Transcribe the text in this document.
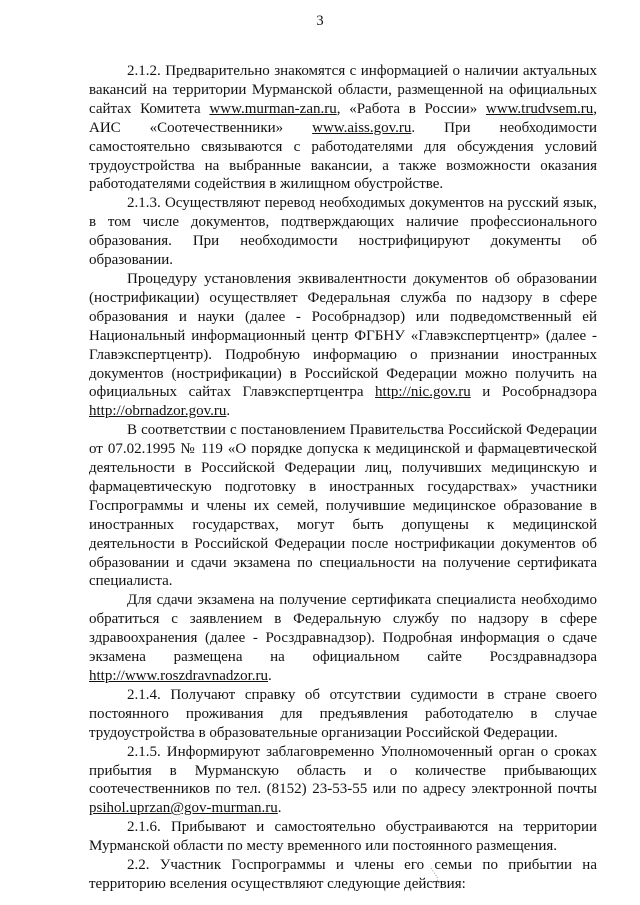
3

2.1.2. Предварительно знакомятся с информацией о наличии актуальных вакансий на территории Мурманской области, размещенной на официальных сайтах Комитета www.murman-zan.ru, «Работа в России» www.trudvsem.ru, АИС «Соотечественники» www.aiss.gov.ru. При необходимости самостоятельно связываются с работодателями для обсуждения условий трудоустройства на выбранные вакансии, а также возможности оказания работодателями содействия в жилищном обустройстве.

2.1.3. Осуществляют перевод необходимых документов на русский язык, в том числе документов, подтверждающих наличие профессионального образования. При необходимости нострифицируют документы об образовании.

Процедуру установления эквивалентности документов об образовании (нострификации) осуществляет Федеральная служба по надзору в сфере образования и науки (далее - Рособрнадзор) или подведомственный ей Национальный информационный центр ФГБНУ «Главэкспертцентр» (далее - Главэкспертцентр). Подробную информацию о признании иностранных документов (нострификации) в Российской Федерации можно получить на официальных сайтах Главэкспертцентра http://nic.gov.ru и Рособрнадзора http://obrnadzor.gov.ru.

В соответствии с постановлением Правительства Российской Федерации от 07.02.1995 № 119 «О порядке допуска к медицинской и фармацевтической деятельности в Российской Федерации лиц, получивших медицинскую и фармацевтическую подготовку в иностранных государствах» участники Госпрограммы и члены их семей, получившие медицинское образование в иностранных государствах, могут быть допущены к медицинской деятельности в Российской Федерации после нострификации документов об образовании и сдачи экзамена по специальности на получение сертификата специалиста.

Для сдачи экзамена на получение сертификата специалиста необходимо обратиться с заявлением в Федеральную службу по надзору в сфере здравоохранения (далее - Росздравнадзор). Подробная информация о сдаче экзамена размещена на официальном сайте Росздравнадзора http://www.roszdravnadzor.ru.

2.1.4. Получают справку об отсутствии судимости в стране своего постоянного проживания для предъявления работодателю в случае трудоустройства в образовательные организации Российской Федерации.

2.1.5. Информируют заблаговременно Уполномоченный орган о сроках прибытия в Мурманскую область и о количестве прибывающих соотечественников по тел. (8152) 23-53-55 или по адресу электронной почты psihol.uprzan@gov-murman.ru.

2.1.6. Прибывают и самостоятельно обустраиваются на территории Мурманской области по месту временного или постоянного размещения.

2.2. Участник Госпрограммы и члены его семьи по прибытии на территорию вселения осуществляют следующие действия:
